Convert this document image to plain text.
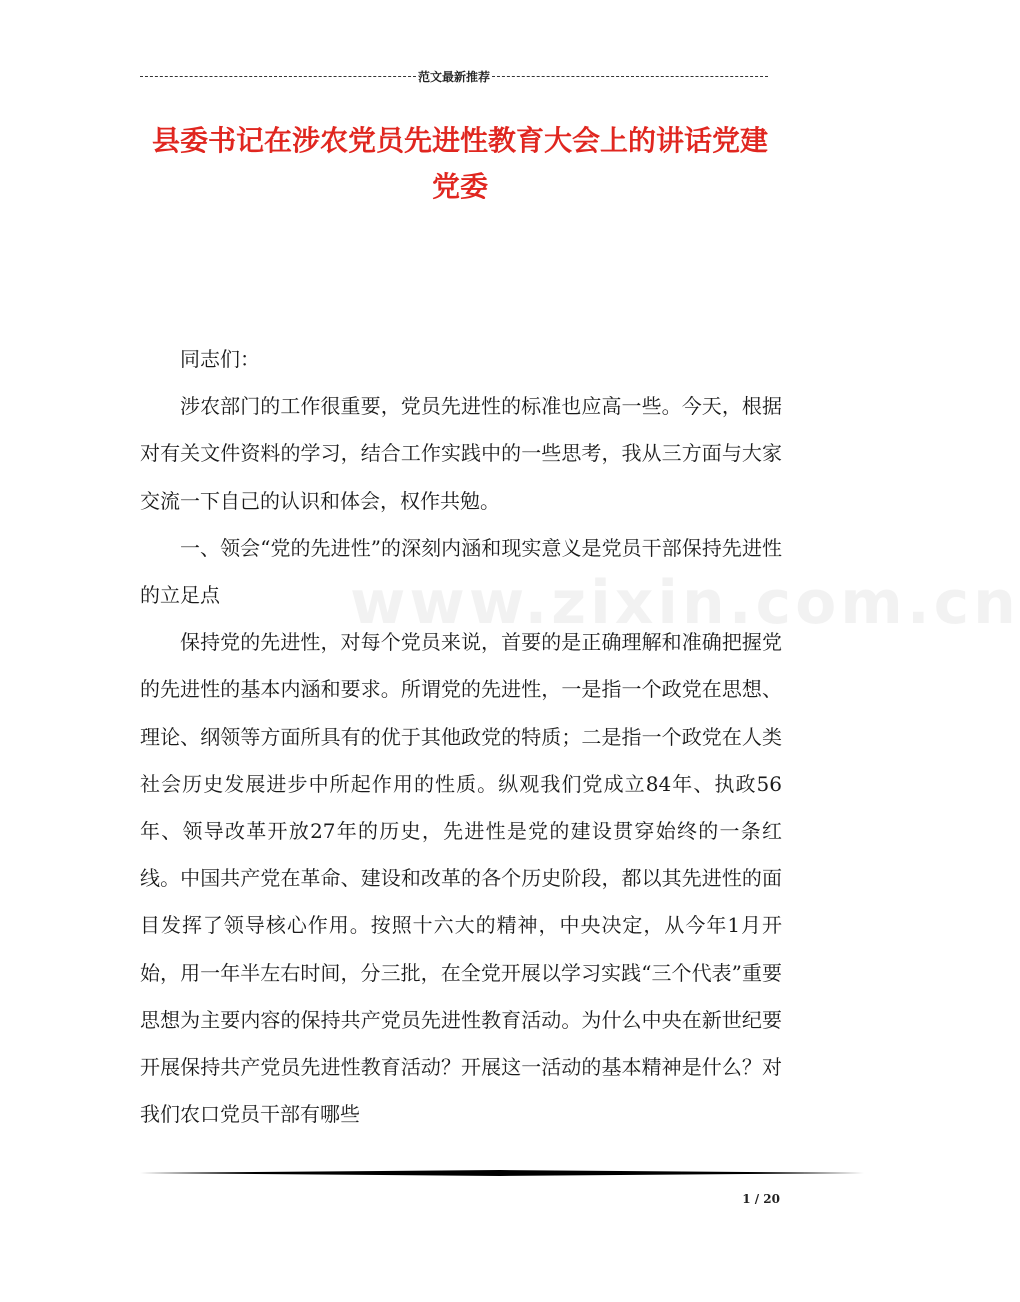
范文最新推荐
县委书记在涉农党员先进性教育大会上的讲话党建
党委
www.zixin.com.cn

同志们：

涉农部门的工作很重要，党员先进性的标准也应高一些。今天，根据对有关文件资料的学习，结合工作实践中的一些思考，我从三方面与大家交流一下自己的认识和体会，权作共勉。

一、领会“党的先进性”的深刻内涵和现实意义是党员干部保持先进性的立足点

保持党的先进性，对每个党员来说，首要的是正确理解和准确把握党的先进性的基本内涵和要求。所谓党的先进性，一是指一个政党在思想、理论、纲领等方面所具有的优于其他政党的特质；二是指一个政党在人类社会历史发展进步中所起作用的性质。纵观我们党成立84年、执政56年、领导改革开放27年的历史，先进性是党的建设贯穿始终的一条红线。中国共产党在革命、建设和改革的各个历史阶段，都以其先进性的面目发挥了领导核心作用。按照十六大的精神，中央决定，从今年1月开始，用一年半左右时间，分三批，在全党开展以学习实践“三个代表”重要思想为主要内容的保持共产党员先进性教育活动。为什么中央在新世纪要开展保持共产党员先进性教育活动？开展这一活动的基本精神是什么？对我们农口党员干部有哪些

1 / 20
